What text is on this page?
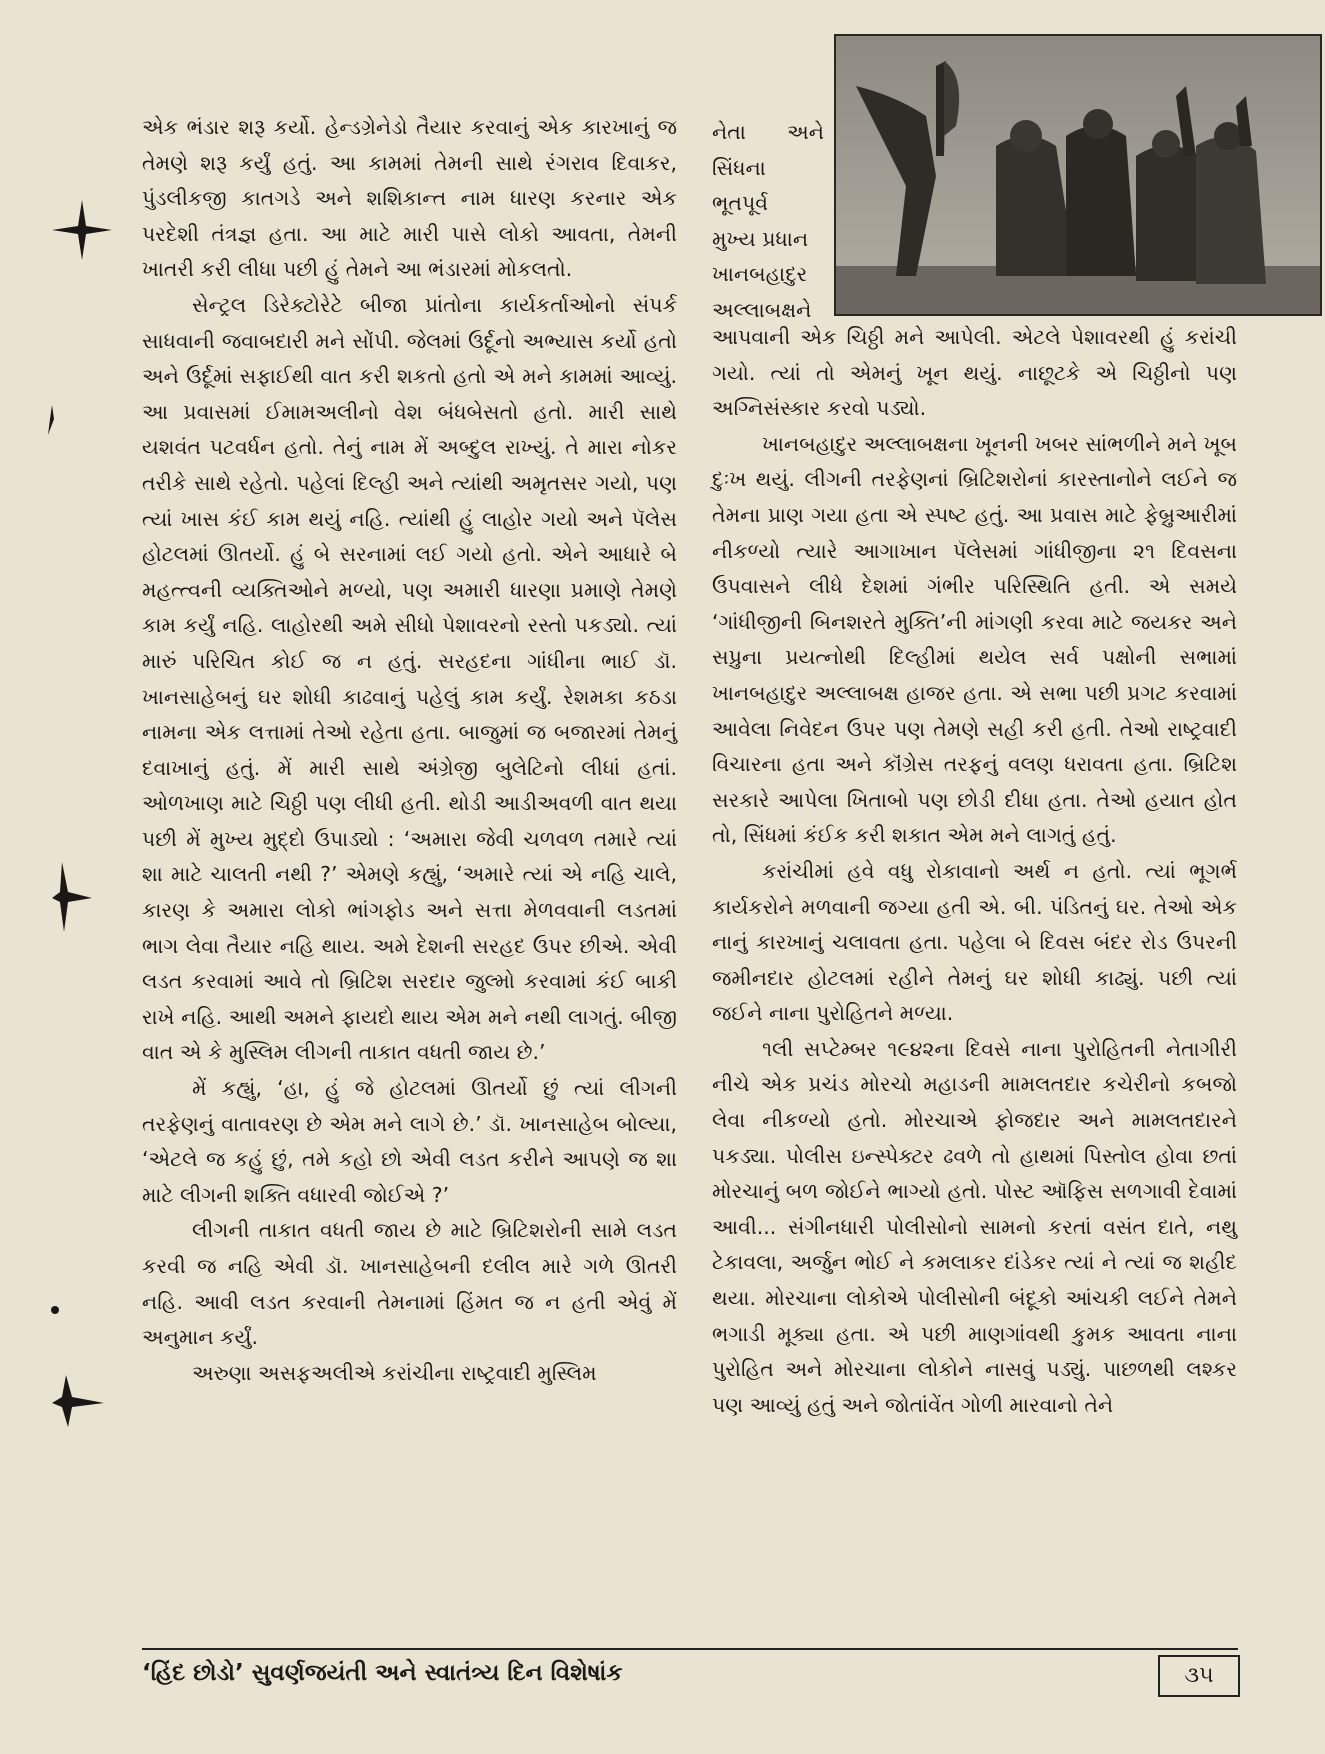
નેતા અને

સિંધના

ભૂતપૂર્વ

મુખ્ય પ્રધાન

ખાનબહાદુર

અલ્લાબક્ષને

એક ભંડાર શરૂ કર્યો. હેન્ડગ્રેનેડો તૈયાર કરવાનું એક કારખાનું જ તેમણે શરૂ કર્યું હતું. આ કામમાં તેમની સાથે રંગરાવ દિવાકર, પુંડલીકજી કાતગડે અને શશિકાન્ત નામ ધારણ કરનાર એક પરદેશી તંત્રજ્ઞ હતા. આ માટે મારી પાસે લોકો આવતા, તેમની ખાતરી કરી લીધા પછી હું તેમને આ ભંડારમાં મોકલતો.

સેન્ટ્રલ ડિરેક્ટોરેટે બીજા પ્રાંતોના કાર્યકર્તાઓનો સંપર્ક સાધવાની જવાબદારી મને સોંપી. જેલમાં ઉર્દૂનો અભ્યાસ કર્યો હતો અને ઉર્દૂમાં સફાઈથી વાત કરી શકતો હતો એ મને કામમાં આવ્યું. આ પ્રવાસમાં ઈમામઅલીનો વેશ બંધબેસતો હતો. મારી સાથે યશવંત પટવર્ધન હતો. તેનું નામ મેં અબ્દુલ રાખ્યું. તે મારા નોકર તરીકે સાથે રહેતો. પહેલાં દિલ્હી અને ત્યાંથી અમૃતસર ગયો, પણ ત્યાં ખાસ કંઈ કામ થયું નહિ. ત્યાંથી હું લાહોર ગયો અને પૅલેસ હોટલમાં ઊતર્યો. હું બે સરનામાં લઈ ગયો હતો. એને આધારે બે મહત્ત્વની વ્યક્તિઓને મળ્યો, પણ અમારી ધારણા પ્રમાણે તેમણે કામ કર્યું નહિ. લાહોરથી અમે સીધો પેશાવરનો રસ્તો પકડ્યો. ત્યાં મારું પરિચિત કોઈ જ ન હતું. સરહદના ગાંધીના ભાઈ ડૉ. ખાનસાહેબનું ઘર શોધી કાઢવાનું પહેલું કામ કર્યું. રેશમકા કઠડા નામના એક લત્તામાં તેઓ રહેતા હતા. બાજુમાં જ બજારમાં તેમનું દવાખાનું હતું. મેં મારી સાથે અંગ્રેજી બુલેટિનો લીધાં હતાં. ઓળખાણ માટે ચિઠ્ઠી પણ લીધી હતી. થોડી આડીઅવળી વાત થયા પછી મેં મુખ્ય મુદ્દો ઉપાડ્યો : ‘અમારા જેવી ચળવળ તમારે ત્યાં શા માટે ચાલતી નથી ?’ એમણે કહ્યું, ‘અમારે ત્યાં એ નહિ ચાલે, કારણ કે અમારા લોકો ભાંગફોડ અને સત્તા મેળવવાની લડતમાં ભાગ લેવા તૈયાર નહિ થાય. અમે દેશની સરહદ ઉપર છીએ. એવી લડત કરવામાં આવે તો બ્રિટિશ સરદાર જુલ્મો કરવામાં કંઈ બાકી રાખે નહિ. આથી અમને ફાયદો થાય એમ મને નથી લાગતું. બીજી વાત એ કે મુસ્લિમ લીગની તાકાત વધતી જાય છે.’

મેં કહ્યું, ‘હા, હું જે હોટલમાં ઊતર્યો છું ત્યાં લીગની તરફેણનું વાતાવરણ છે એમ મને લાગે છે.’ ડૉ. ખાનસાહેબ બોલ્યા, ‘એટલે જ કહું છું, તમે કહો છો એવી લડત કરીને આપણે જ શા માટે લીગની શક્તિ વધારવી જોઈએ ?’

લીગની તાકાત વધતી જાય છે માટે બ્રિટિશરોની સામે લડત કરવી જ નહિ એવી ડૉ. ખાનસાહેબની દલીલ મારે ગળે ઊતરી નહિ. આવી લડત કરવાની તેમનામાં હિંમત જ ન હતી એવું મેં અનુમાન કર્યું.

અરુણા અસફઅલીએ કરાંચીના રાષ્ટ્રવાદી મુસ્લિમ

આપવાની એક ચિઠ્ઠી મને આપેલી. એટલે પેશાવરથી હું કરાંચી ગયો. ત્યાં તો એમનું ખૂન થયું. નાછૂટકે એ ચિઠ્ઠીનો પણ અગ્નિસંસ્કાર કરવો પડ્યો.

ખાનબહાદુર અલ્લાબક્ષના ખૂનની ખબર સાંભળીને મને ખૂબ દુઃખ થયું. લીગની તરફેણનાં બ્રિટિશરોનાં કારસ્તાનોને લઈને જ તેમના પ્રાણ ગયા હતા એ સ્પષ્ટ હતું. આ પ્રવાસ માટે ફેબ્રુઆરીમાં નીકળ્યો ત્યારે આગાખાન પૅલેસમાં ગાંધીજીના ૨૧ દિવસના ઉપવાસને લીધે દેશમાં ગંભીર પરિસ્થિતિ હતી. એ સમયે ‘ગાંધીજીની બિનશરતે મુક્તિ’ની માંગણી કરવા માટે જયકર અને સપ્રુના પ્રયત્નોથી દિલ્હીમાં થયેલ સર્વ પક્ષોની સભામાં ખાનબહાદુર અલ્લાબક્ષ હાજર હતા. એ સભા પછી પ્રગટ કરવામાં આવેલા નિવેદન ઉપર પણ તેમણે સહી કરી હતી. તેઓ રાષ્ટ્રવાદી વિચારના હતા અને કૉંગ્રેસ તરફનું વલણ ધરાવતા હતા. બ્રિટિશ સરકારે આપેલા ખિતાબો પણ છોડી દીધા હતા. તેઓ હયાત હોત તો, સિંધમાં કંઈક કરી શકાત એમ મને લાગતું હતું.

કરાંચીમાં હવે વધુ રોકાવાનો અર્થ ન હતો. ત્યાં ભૂગર્ભ કાર્યકરોને મળવાની જગ્યા હતી એ. બી. પંડિતનું ઘર. તેઓ એક નાનું કારખાનું ચલાવતા હતા. પહેલા બે દિવસ બંદર રોડ ઉપરની જમીનદાર હોટલમાં રહીને તેમનું ઘર શોધી કાઢ્યું. પછી ત્યાં જઈને નાના પુરોહિતને મળ્યા.

૧લી સપ્ટેમ્બર ૧૯૪૨ના દિવસે નાના પુરોહિતની નેતાગીરી નીચે એક પ્રચંડ મોરચો મહાડની મામલતદાર કચેરીનો કબજો લેવા નીકળ્યો હતો. મોરચાએ ફોજદાર અને મામલતદારને પકડ્યા. પોલીસ ઇન્સ્પેક્ટર ઢવળે તો હાથમાં પિસ્તોલ હોવા છતાં મોરચાનું બળ જોઈને ભાગ્યો હતો. પોસ્ટ ઑફિસ સળગાવી દેવામાં આવી... સંગીનધારી પોલીસોનો સામનો કરતાં વસંત દાતે, નથુ ટેકાવલા, અર્જુન ભોઈ ને કમલાકર દાંડેકર ત્યાં ને ત્યાં જ શહીદ થયા. મોરચાના લોકોએ પોલીસોની બંદૂકો આંચકી લઈને તેમને ભગાડી મૂક્યા હતા. એ પછી માણગાંવથી કુમક આવતા નાના પુરોહિત અને મોરચાના લોકોને નાસવું પડ્યું. પાછળથી લશ્કર પણ આવ્યું હતું અને જોતાંવેંત ગોળી મારવાનો તેને

‘હિંદ છોડો’ સુવર્ણજયંતી અને સ્વાતંત્ર્ય દિન વિશેષાંક	૩૫
